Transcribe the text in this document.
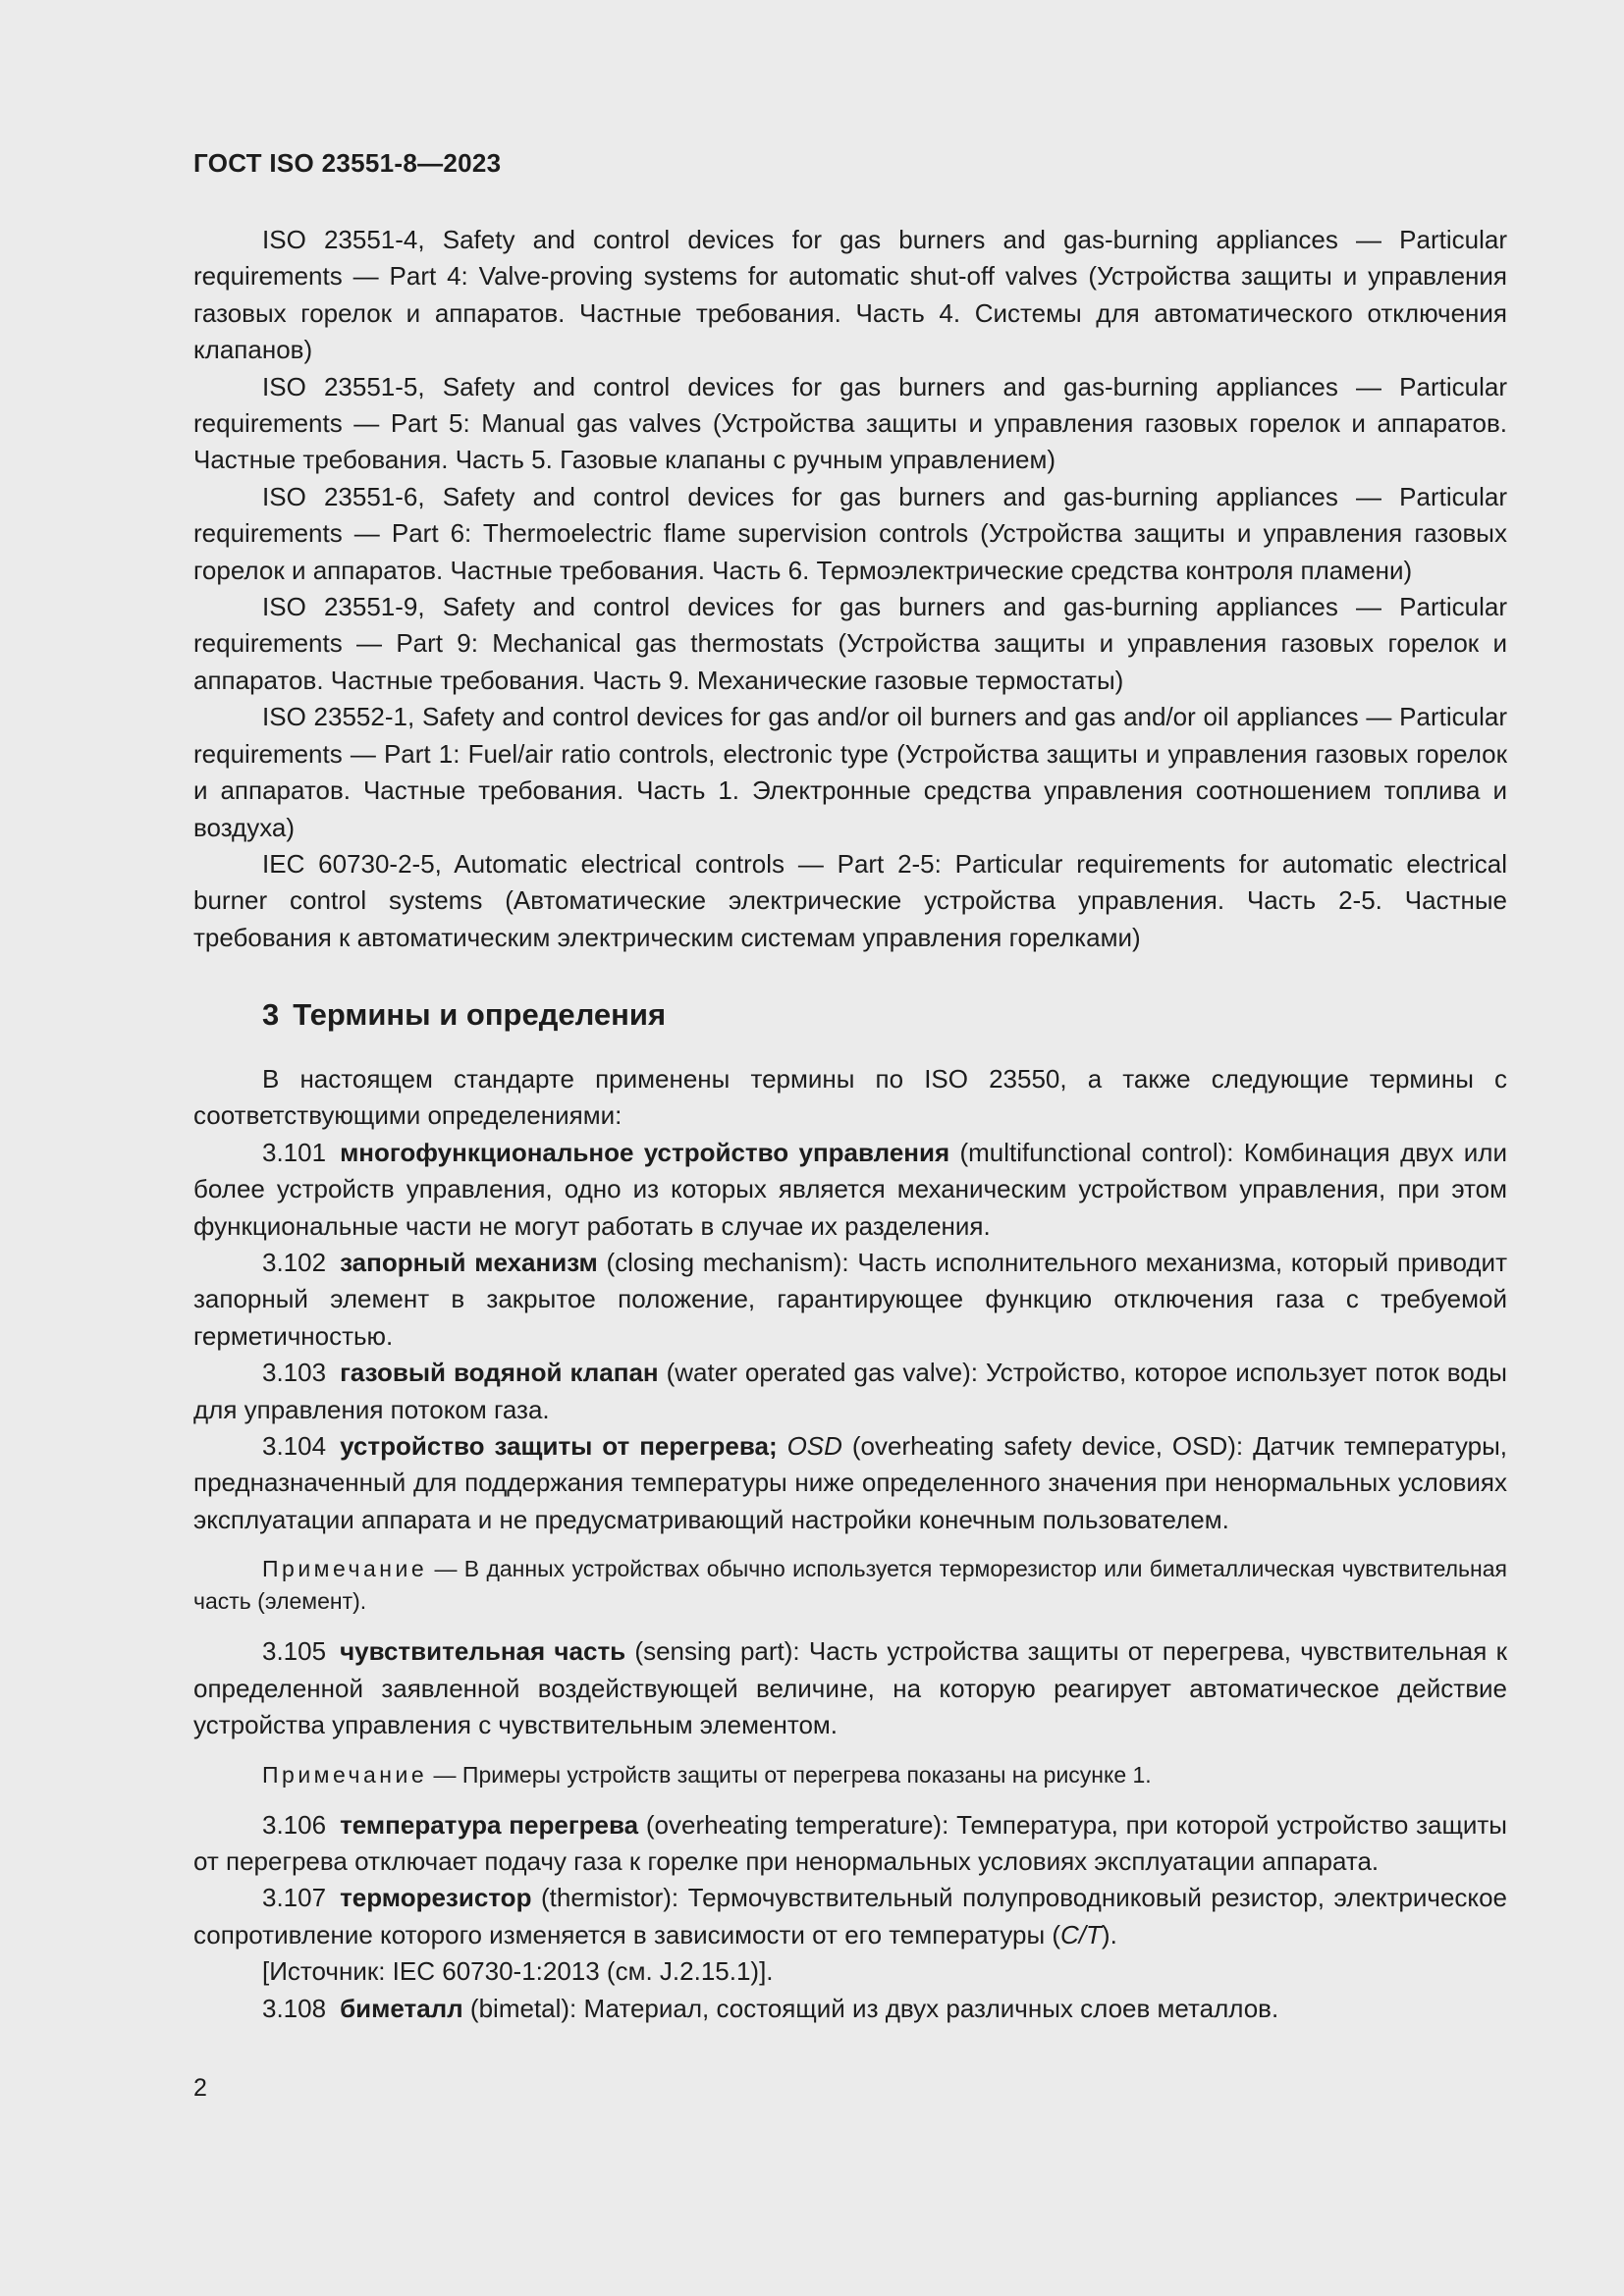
ГОСТ ISO 23551-8—2023

ISO 23551-4, Safety and control devices for gas burners and gas-burning appliances — Particular requirements — Part 4: Valve-proving systems for automatic shut-off valves (Устройства защиты и управления газовых горелок и аппаратов. Частные требования. Часть 4. Системы для автоматического отключения клапанов)

ISO 23551-5, Safety and control devices for gas burners and gas-burning appliances — Particular requirements — Part 5: Manual gas valves (Устройства защиты и управления газовых горелок и аппаратов. Частные требования. Часть 5. Газовые клапаны с ручным управлением)

ISO 23551-6, Safety and control devices for gas burners and gas-burning appliances — Particular requirements — Part 6: Thermoelectric flame supervision controls (Устройства защиты и управления газовых горелок и аппаратов. Частные требования. Часть 6. Термоэлектрические средства контроля пламени)

ISO 23551-9, Safety and control devices for gas burners and gas-burning appliances — Particular requirements — Part 9: Mechanical gas thermostats (Устройства защиты и управления газовых горелок и аппаратов. Частные требования. Часть 9. Механические газовые термостаты)

ISO 23552-1, Safety and control devices for gas and/or oil burners and gas and/or oil appliances — Particular requirements — Part 1: Fuel/air ratio controls, electronic type (Устройства защиты и управления газовых горелок и аппаратов. Частные требования. Часть 1. Электронные средства управления соотношением топлива и воздуха)

IEC 60730-2-5, Automatic electrical controls — Part 2-5: Particular requirements for automatic electrical burner control systems (Автоматические электрические устройства управления. Часть 2-5. Частные требования к автоматическим электрическим системам управления горелками)

3 Термины и определения

В настоящем стандарте применены термины по ISO 23550, а также следующие термины с соответствующими определениями:

3.101 многофункциональное устройство управления (multifunctional control): Комбинация двух или более устройств управления, одно из которых является механическим устройством управления, при этом функциональные части не могут работать в случае их разделения.

3.102 запорный механизм (closing mechanism): Часть исполнительного механизма, который приводит запорный элемент в закрытое положение, гарантирующее функцию отключения газа с требуемой герметичностью.

3.103 газовый водяной клапан (water operated gas valve): Устройство, которое использует поток воды для управления потоком газа.

3.104 устройство защиты от перегрева; OSD (overheating safety device, OSD): Датчик температуры, предназначенный для поддержания температуры ниже определенного значения при ненормальных условиях эксплуатации аппарата и не предусматривающий настройки конечным пользователем.

Примечание — В данных устройствах обычно используется терморезистор или биметаллическая чувствительная часть (элемент).

3.105 чувствительная часть (sensing part): Часть устройства защиты от перегрева, чувствительная к определенной заявленной воздействующей величине, на которую реагирует автоматическое действие устройства управления с чувствительным элементом.

Примечание — Примеры устройств защиты от перегрева показаны на рисунке 1.

3.106 температура перегрева (overheating temperature): Температура, при которой устройство защиты от перегрева отключает подачу газа к горелке при ненормальных условиях эксплуатации аппарата.

3.107 терморезистор (thermistor): Термочувствительный полупроводниковый резистор, электрическое сопротивление которого изменяется в зависимости от его температуры (C/T).

[Источник: IEC 60730-1:2013 (см. J.2.15.1)].

3.108 биметалл (bimetal): Материал, состоящий из двух различных слоев металлов.

2
